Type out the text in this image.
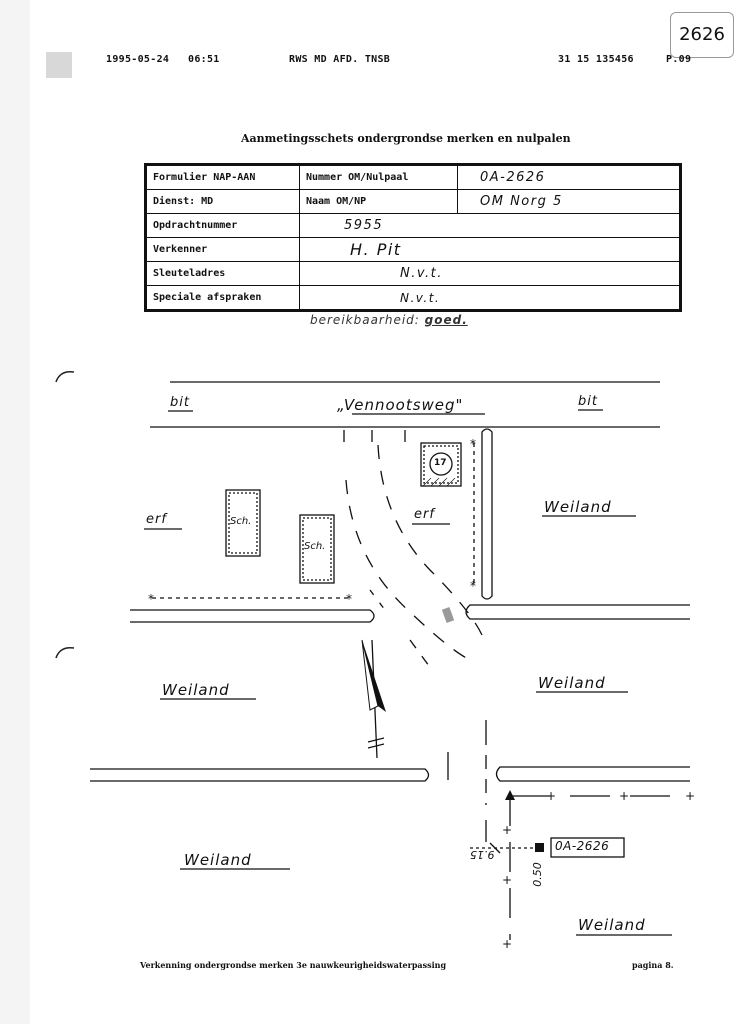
2626
1995-05-24 06:51	RWS MD AFD. TNSB	31 15 135456	P.09
Aanmetingsschets ondergrondse merken en nulpalen
Formulier NAP-AAN	Nummer OM/Nulpaal	0A-2626
Dienst: MD	Naam OM/NP	OM Norg 5
Opdrachtnummer	5955	
Verkenner	H. Pit	
Sleuteladres	N.v.t.	
Speciale afspraken	N.v.t.	
bereikbaarheid: goed.
*	*
*
*
+	+	+
+
+
+
bit	bit
„Vennootsweg"
erf	erf
Sch.
Sch.
17
Weiland
Weiland	Weiland
Weiland
Weiland
0A-2626
9.15
0.50
Verkenning ondergrondse merken 3e nauwkeurigheidswaterpassing	pagina 8.
